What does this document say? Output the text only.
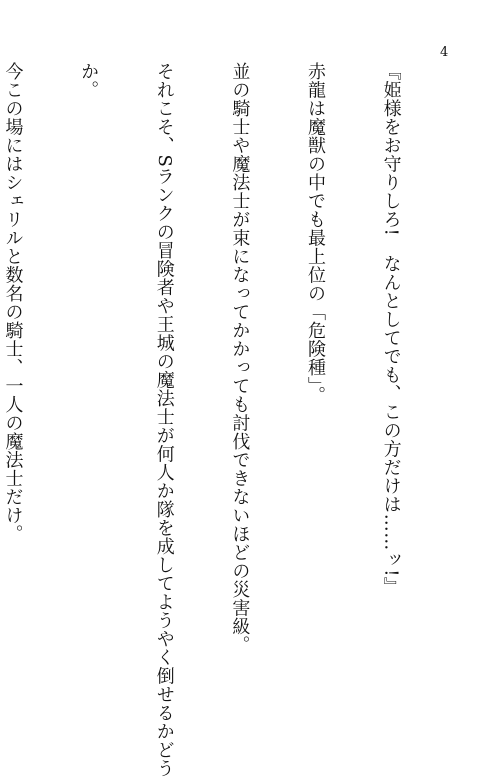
4

『姫様をお守りしろ!　なんとしてでも、この方だけは……ッ!』

赤龍は魔獣の中でも最上位の「危険種」。

並の騎士や魔法士が束になってかかっても討伐できないほどの災害級。

それこそ、Sランクの冒険者や王城の魔法士が何人か隊を成してようやく倒せるかどう

か。

今この場にはシェリルと数名の騎士、一人の魔法士だけ。
